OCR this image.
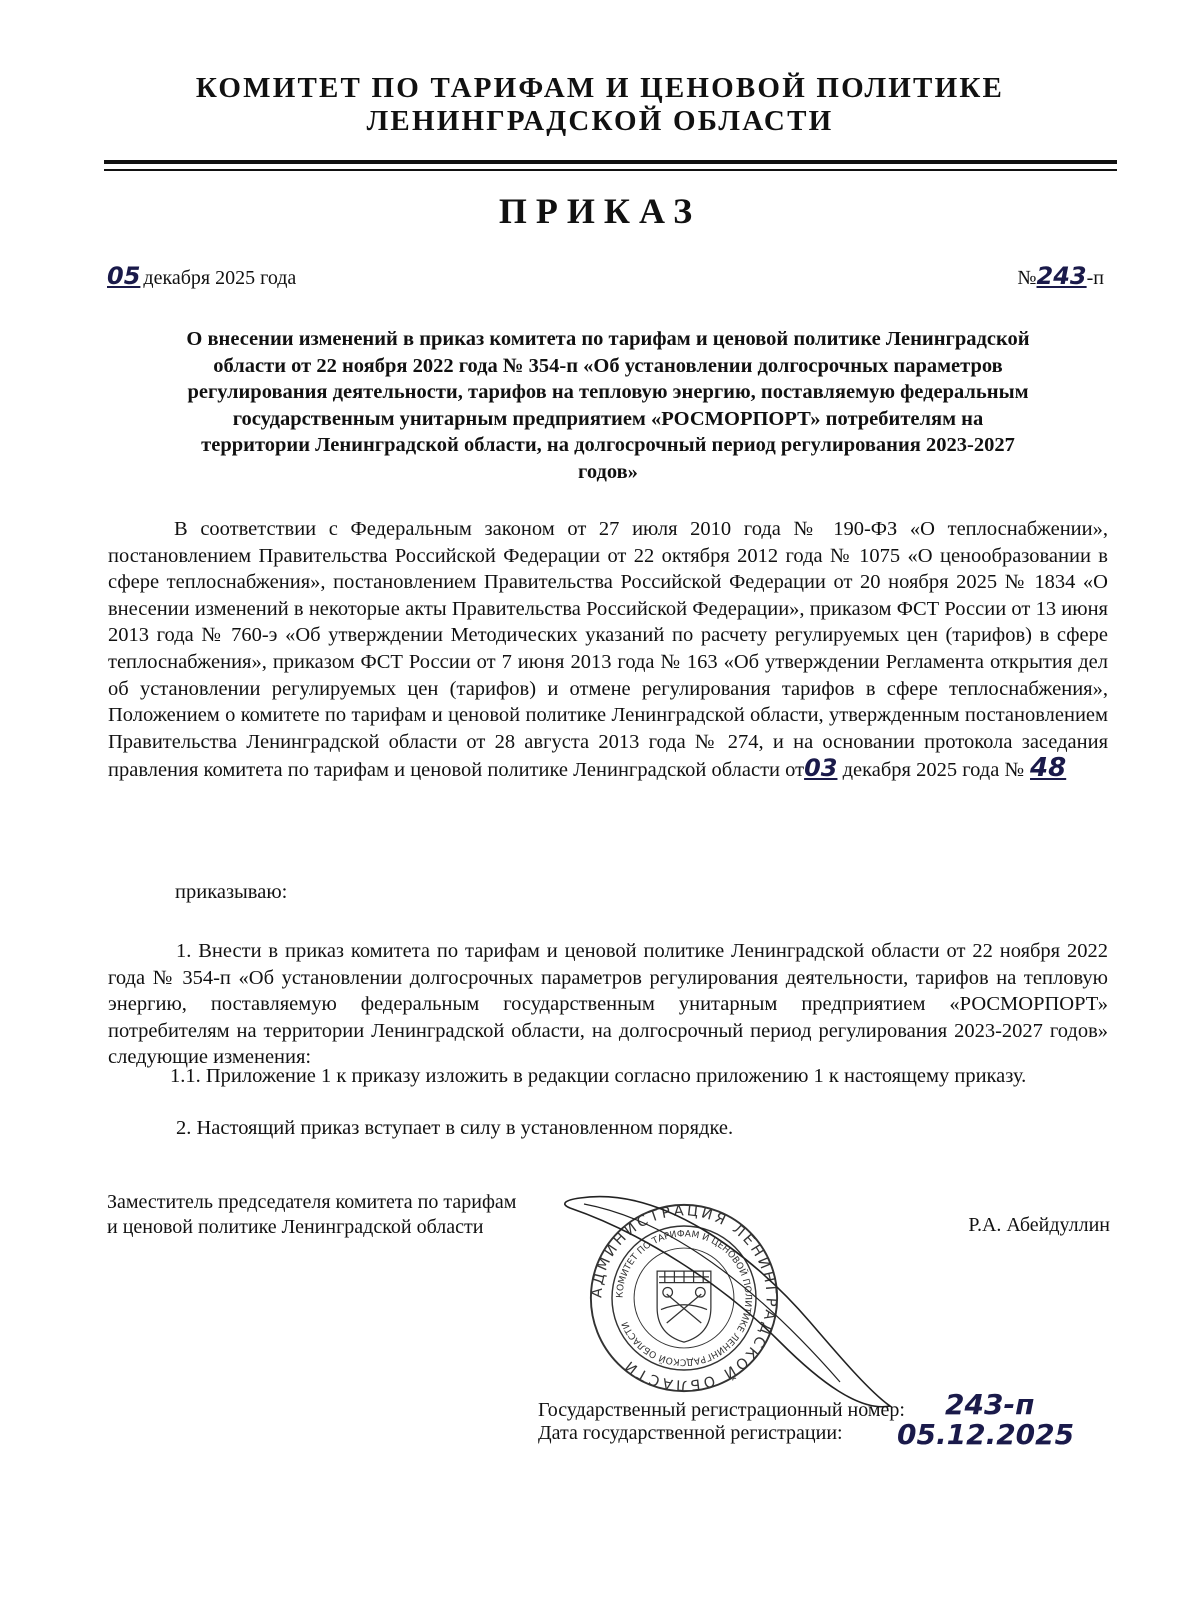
КОМИТЕТ ПО ТАРИФАМ И ЦЕНОВОЙ ПОЛИТИКЕ
ЛЕНИНГРАДСКОЙ ОБЛАСТИ
ПРИКАЗ
05 декабря 2025 года	№243-п
О внесении изменений в приказ комитета по тарифам и ценовой политике Ленинградской
области от 22 ноября 2022 года № 354-п «Об установлении долгосрочных параметров
регулирования деятельности, тарифов на тепловую энергию, поставляемую федеральным
государственным унитарным предприятием «РОСМОРПОРТ» потребителям на
территории Ленинградской области, на долгосрочный период регулирования 2023-2027
годов»
В соответствии с Федеральным законом от 27 июля 2010 года № 190-ФЗ «О теплоснабжении», постановлением Правительства Российской Федерации от 22 октября 2012 года № 1075 «О ценообразовании в сфере теплоснабжения», постановлением Правительства Российской Федерации от 20 ноября 2025 № 1834 «О внесении изменений в некоторые акты Правительства Российской Федерации», приказом ФСТ России от 13 июня 2013 года № 760-э «Об утверждении Методических указаний по расчету регулируемых цен (тарифов) в сфере теплоснабжения», приказом ФСТ России от 7 июня 2013 года № 163 «Об утверждении Регламента открытия дел об установлении регулируемых цен (тарифов) и отмене регулирования тарифов в сфере теплоснабжения», Положением о комитете по тарифам и ценовой политике Ленинградской области, утвержденным постановлением Правительства Ленинградской области от 28 августа 2013 года № 274, и на основании протокола заседания правления комитета по тарифам и ценовой политике Ленинградской области от03 декабря 2025 года № 48
приказываю:
1. Внести в приказ комитета по тарифам и ценовой политике Ленинградской области от 22 ноября 2022 года № 354-п «Об установлении долгосрочных параметров регулирования деятельности, тарифов на тепловую энергию, поставляемую федеральным государственным унитарным предприятием «РОСМОРПОРТ» потребителям на территории Ленинградской области, на долгосрочный период регулирования 2023-2027 годов» следующие изменения:
1.1. Приложение 1 к приказу изложить в редакции согласно приложению 1 к настоящему приказу.
2. Настоящий приказ вступает в силу в установленном порядке.
Заместитель председателя комитета по тарифам
и ценовой политике Ленинградской области	Р.А. Абейдуллин
АДМИНИСТРАЦИЯ ЛЕНИНГРАДСКОЙ ОБЛАСТИ
КОМИТЕТ ПО ТАРИФАМ И ЦЕНОВОЙ ПОЛИТИКЕ ЛЕНИНГРАДСКОЙ ОБЛАСТИ
Государственный регистрационный номер: 243-п
Дата государственной регистрации: 05.12.2025
